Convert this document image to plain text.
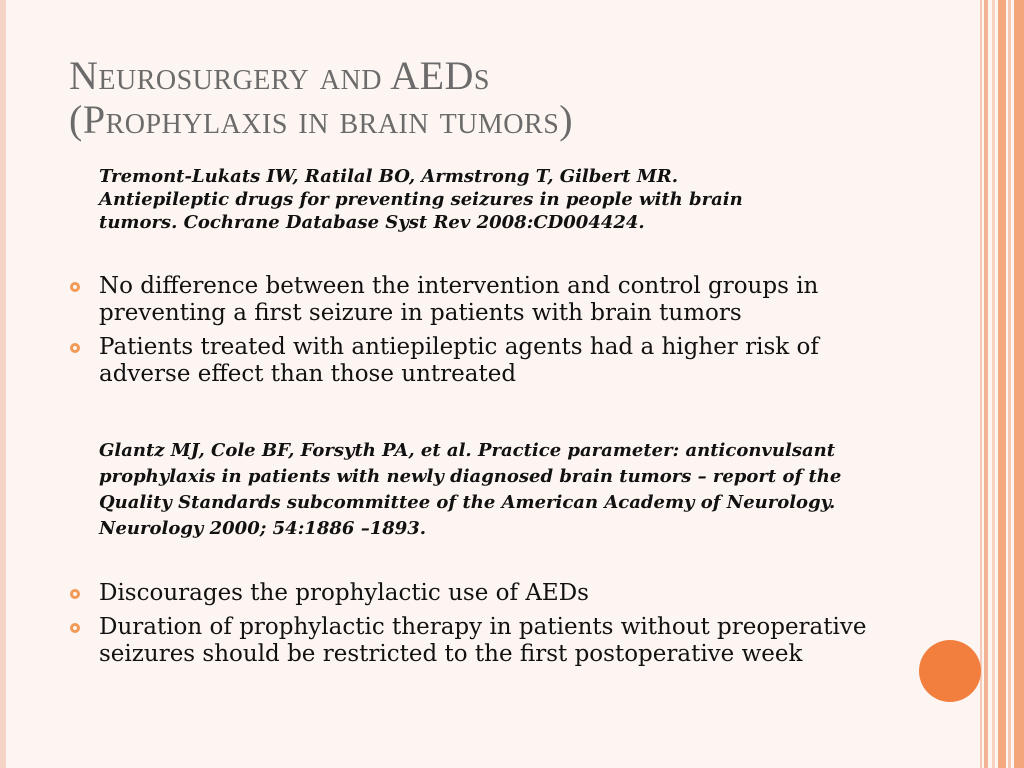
Neurosurgery and AEDs
(Prophylaxis in brain tumors)

Tremont-Lukats IW, Ratilal BO, Armstrong T, Gilbert MR.
Antiepileptic drugs for preventing seizures in people with brain
tumors. Cochrane Database Syst Rev 2008:CD004424.

No difference between the intervention and control groups in
preventing a first seizure in patients with brain tumors
Patients treated with antiepileptic agents had a higher risk of
adverse effect than those untreated

Glantz MJ, Cole BF, Forsyth PA, et al. Practice parameter: anticonvulsant
prophylaxis in patients with newly diagnosed brain tumors – report of the
Quality Standards subcommittee of the American Academy of Neurology.
Neurology 2000; 54:1886 –1893.

Discourages the prophylactic use of AEDs
Duration of prophylactic therapy in patients without preoperative
seizures should be restricted to the first postoperative week
